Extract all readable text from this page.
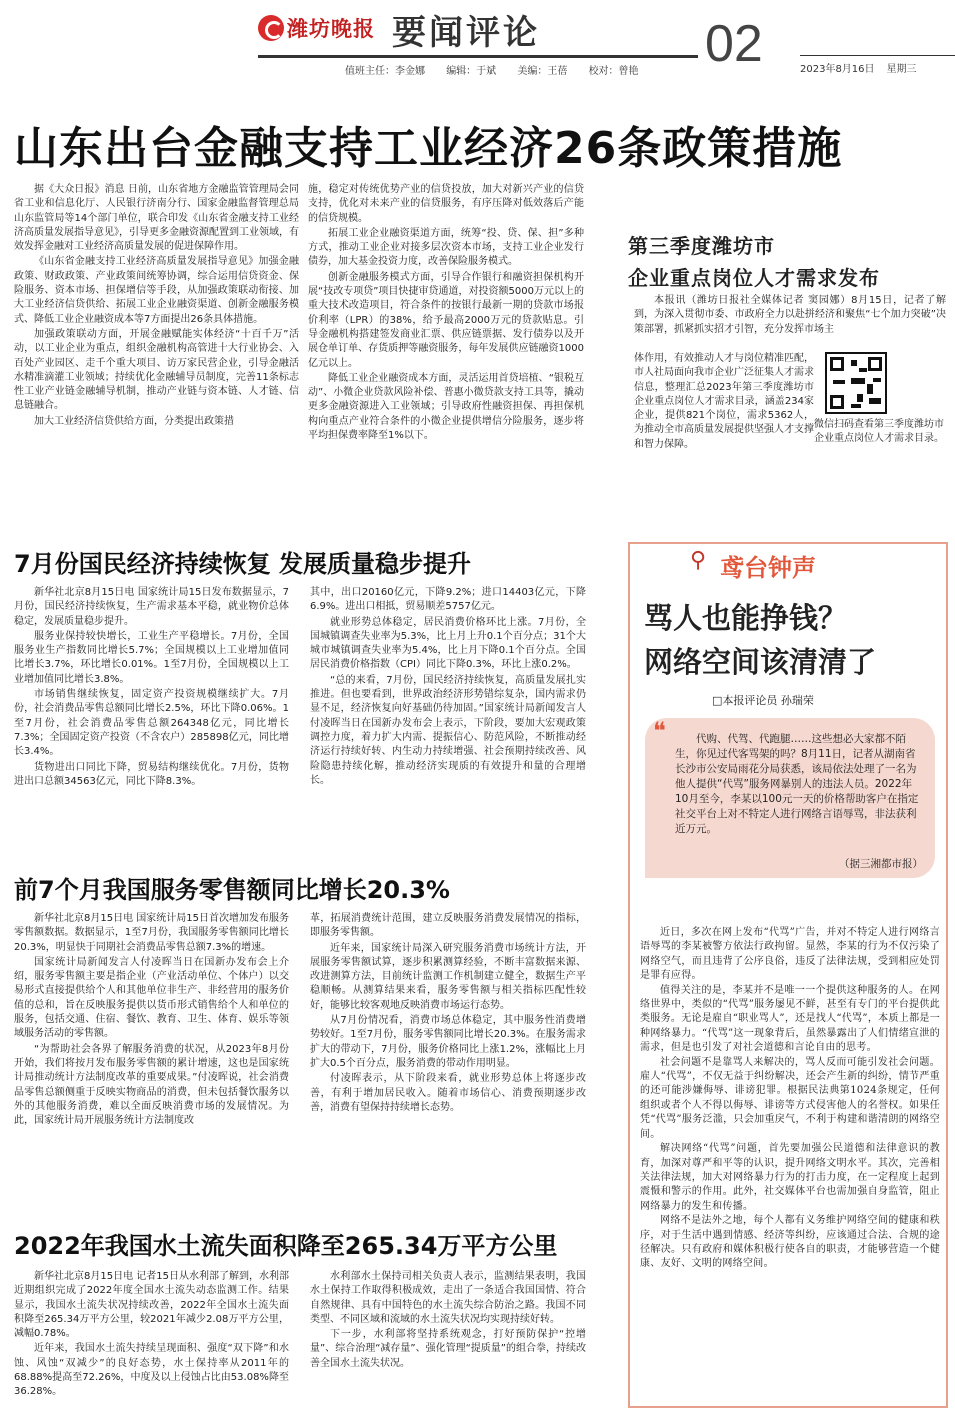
潍坊晚报 要闻评论	02
值班主任：李金娜 编辑：于斌 美编：王蓓 校对：曾艳	2023年8月16日 星期三
山东出台金融支持工业经济26条政策措施

据《大众日报》消息 日前，山东省地方金融监管管理局会同省工业和信息化厅、人民银行济南分行、国家金融监督管理总局山东监管局等14个部门单位，联合印发《山东省金融支持工业经济高质量发展指导意见》，引导更多金融资源配置到工业领域，有效发挥金融对工业经济高质量发展的促进保障作用。

《山东省金融支持工业经济高质量发展指导意见》加强金融政策、财政政策、产业政策间统筹协调，综合运用信贷资金、保险服务、资本市场、担保增信等手段，从加强政策联动衔接、加大工业经济信贷供给、拓展工业企业融资渠道、创新金融服务模式、降低工业企业融资成本等7方面提出26条具体措施。

加强政策联动方面，开展金融赋能实体经济“十百千万”活动，以工业企业为重点，组织金融机构高管进十大行业协会、入百处产业园区、走千个重大项目、访万家民营企业，引导金融活水精准滴灌工业领域；持续优化金融辅导员制度，完善11条标志性工业产业链金融辅导机制，推动产业链与资本链、人才链、信息链融合。

加大工业经济信贷供给方面，分类提出政策措

施，稳定对传统优势产业的信贷投放，加大对新兴产业的信贷支持，优化对未来产业的信贷服务，有序压降对低效落后产能的信贷规模。

拓展工业企业融资渠道方面，统筹“投、贷、保、担”多种方式，推动工业企业对接多层次资本市场，支持工业企业发行债券，加大基金投资力度，改善保险服务模式。

创新金融服务模式方面，引导合作银行和融资担保机构开展“技改专项贷”项目快捷审贷通道，对投资额5000万元以上的重大技术改造项目，符合条件的按银行最新一期的贷款市场报价利率（LPR）的38%，给予最高2000万元的贷款贴息。引导金融机构搭建签发商业汇票、供应链票据、发行债券以及开展仓单订单、存货质押等融资服务，每年发展供应链融资1000亿元以上。

降低工业企业融资成本方面，灵活运用首贷培植、“银税互动”、小微企业贷款风险补偿、普惠小微贷款支持工具等，撬动更多金融资源进入工业领域；引导政府性融资担保、再担保机构向重点产业符合条件的小微企业提供增信分险服务，逐步将平均担保费率降至1%以下。

第三季度潍坊市
企业重点岗位人才需求发布

本报讯（潍坊日报社全媒体记者 窦园娜）8月15日，记者了解到，为深入贯彻市委、市政府全力以赴拼经济和聚焦“七个加力突破”决策部署，抓紧抓实招才引智，充分发挥市场主

体作用，有效推动人才与岗位精准匹配，市人社局面向我市企业广泛征集人才需求信息，整理汇总2023年第三季度潍坊市企业重点岗位人才需求目录，涵盖234家企业，提供821个岗位，需求5362人，为推动全市高质量发展提供坚强人才支撑和智力保障。

微信扫码查看第三季度潍坊市企业重点岗位人才需求目录。
7月份国民经济持续恢复 发展质量稳步提升

新华社北京8月15日电 国家统计局15日发布数据显示，7月份，国民经济持续恢复，生产需求基本平稳，就业物价总体稳定，发展质量稳步提升。

服务业保持较快增长，工业生产平稳增长。7月份，全国服务业生产指数同比增长5.7%；全国规模以上工业增加值同比增长3.7%，环比增长0.01%。1至7月份，全国规模以上工业增加值同比增长3.8%。

市场销售继续恢复，固定资产投资规模继续扩大。7月份，社会消费品零售总额同比增长2.5%，环比下降0.06%。1至7月份，社会消费品零售总额264348亿元，同比增长7.3%；全国固定资产投资（不含农户）285898亿元，同比增长3.4%。

货物进出口同比下降，贸易结构继续优化。7月份，货物进出口总额34563亿元，同比下降8.3%。

其中，出口20160亿元，下降9.2%；进口14403亿元，下降6.9%。进出口相抵，贸易顺差5757亿元。

就业形势总体稳定，居民消费价格环比上涨。7月份，全国城镇调查失业率为5.3%，比上月上升0.1个百分点；31个大城市城镇调查失业率为5.4%，比上月下降0.1个百分点。全国居民消费价格指数（CPI）同比下降0.3%，环比上涨0.2%。

“总的来看，7月份，国民经济持续恢复，高质量发展扎实推进。但也要看到，世界政治经济形势错综复杂，国内需求仍显不足，经济恢复向好基础仍待加固。”国家统计局新闻发言人付凌晖当日在国新办发布会上表示，下阶段，要加大宏观政策调控力度，着力扩大内需、提振信心、防范风险，不断推动经济运行持续好转、内生动力持续增强、社会预期持续改善、风险隐患持续化解，推动经济实现质的有效提升和量的合理增长。

前7个月我国服务零售额同比增长20.3%

新华社北京8月15日电 国家统计局15日首次增加发布服务零售额数据。数据显示，1至7月份，我国服务零售额同比增长20.3%，明显快于同期社会消费品零售总额7.3%的增速。

国家统计局新闻发言人付凌晖当日在国新办发布会上介绍，服务零售额主要是指企业（产业活动单位、个体户）以交易形式直接提供给个人和其他单位非生产、非经营用的服务价值的总和，旨在反映服务提供以货币形式销售给个人和单位的服务，包括交通、住宿、餐饮、教育、卫生、体育、娱乐等领域服务活动的零售额。

“为帮助社会各界了解服务消费的状况，从2023年8月份开始，我们将按月发布服务零售额的累计增速，这也是国家统计局推动统计方法制度改革的重要成果。”付凌晖说，社会消费品零售总额侧重于反映实物商品的消费，但未包括餐饮服务以外的其他服务消费，难以全面反映消费市场的发展情况。为此，国家统计局开展服务统计方法制度改

革，拓展消费统计范围，建立反映服务消费发展情况的指标，即服务零售额。

近年来，国家统计局深入研究服务消费市场统计方法，开展服务零售额试算，逐步积累测算经验，不断丰富数据来源、改进测算方法，目前统计监测工作机制建立健全，数据生产平稳顺畅。从测算结果来看，服务零售额与相关指标匹配性较好，能够比较客观地反映消费市场运行态势。

从7月份情况看，消费市场总体稳定，其中服务性消费增势较好。1至7月份，服务零售额同比增长20.3%。在服务需求扩大的带动下，7月份，服务价格同比上涨1.2%，涨幅比上月扩大0.5个百分点，服务消费的带动作用明显。

付凌晖表示，从下阶段来看，就业形势总体上将逐步改善，有利于增加居民收入。随着市场信心、消费预期逐步改善，消费有望保持持续增长态势。

2022年我国水土流失面积降至265.34万平方公里

新华社北京8月15日电 记者15日从水利部了解到，水利部近期组织完成了2022年度全国水土流失动态监测工作。结果显示，我国水土流失状况持续改善，2022年全国水土流失面积降至265.34万平方公里，较2021年减少2.08万平方公里，减幅0.78%。

近年来，我国水土流失持续呈现面积、强度“双下降”和水蚀、风蚀“双减少”的良好态势，水土保持率从2011年的68.88%提高至72.26%，中度及以上侵蚀占比由53.08%降至36.28%。

水利部水土保持司相关负责人表示，监测结果表明，我国水土保持工作取得积极成效，走出了一条适合我国国情、符合自然规律、具有中国特色的水土流失综合防治之路。我国不同类型、不同区域和流域的水土流失状况均实现持续好转。

下一步，水利部将坚持系统观念，打好预防保护“控增量”、综合治理“减存量”、强化管理“提质量”的组合拳，持续改善全国水土流失状况。

⚲ 鸢台钟声
骂人也能挣钱？
网络空间该清清了
□本报评论员 孙瑞荣
❝	代购、代驾、代跑腿……这些想必大家都不陌生，你见过代客骂架的吗？8月11日，记者从湖南省长沙市公安局雨花分局获悉，该局依法处理了一名为他人提供“代骂”服务网暴别人的违法人员。2022年10月至今，李某以100元一天的价格帮助客户在指定社交平台上对不特定人进行网络言语辱骂，非法获利近万元。
（据三湘都市报）

近日，多次在网上发布“代骂”广告，并对不特定人进行网络言语辱骂的李某被警方依法行政拘留。显然，李某的行为不仅污染了网络空气，而且违背了公序良俗，违反了法律法规，受到相应处罚是罪有应得。

值得关注的是，李某并不是唯一一个提供这种服务的人。在网络世界中，类似的“代骂”服务屡见不鲜，甚至有专门的平台提供此类服务。无论是雇自“职业骂人”，还是找人“代骂”，本质上都是一种网络暴力。“代骂”这一现象背后，虽然暴露出了人们情绪宣泄的需求，但是也引发了对社会道德和言论自由的思考。

社会问题不是靠骂人来解决的，骂人反而可能引发社会问题。雇人“代骂”，不仅无益于纠纷解决，还会产生新的纠纷，情节严重的还可能涉嫌侮辱、诽谤犯罪。根据民法典第1024条规定，任何组织或者个人不得以侮辱、诽谤等方式侵害他人的名誉权。如果任凭“代骂”服务泛滥，只会加重戾气，不利于构建和谐清朗的网络空间。

解决网络“代骂”问题，首先要加强公民道德和法律意识的教育，加深对尊严和平等的认识，提升网络文明水平。其次，完善相关法律法规，加大对网络暴力行为的打击力度，在一定程度上起到震慑和警示的作用。此外，社交媒体平台也需加强自身监管，阻止网络暴力的发生和传播。

网络不是法外之地，每个人都有义务维护网络空间的健康和秩序，对于生活中遇到情感、经济等纠纷，应该通过合法、合规的途径解决。只有政府和媒体积极行使各自的职责，才能够营造一个健康、友好、文明的网络空间。
